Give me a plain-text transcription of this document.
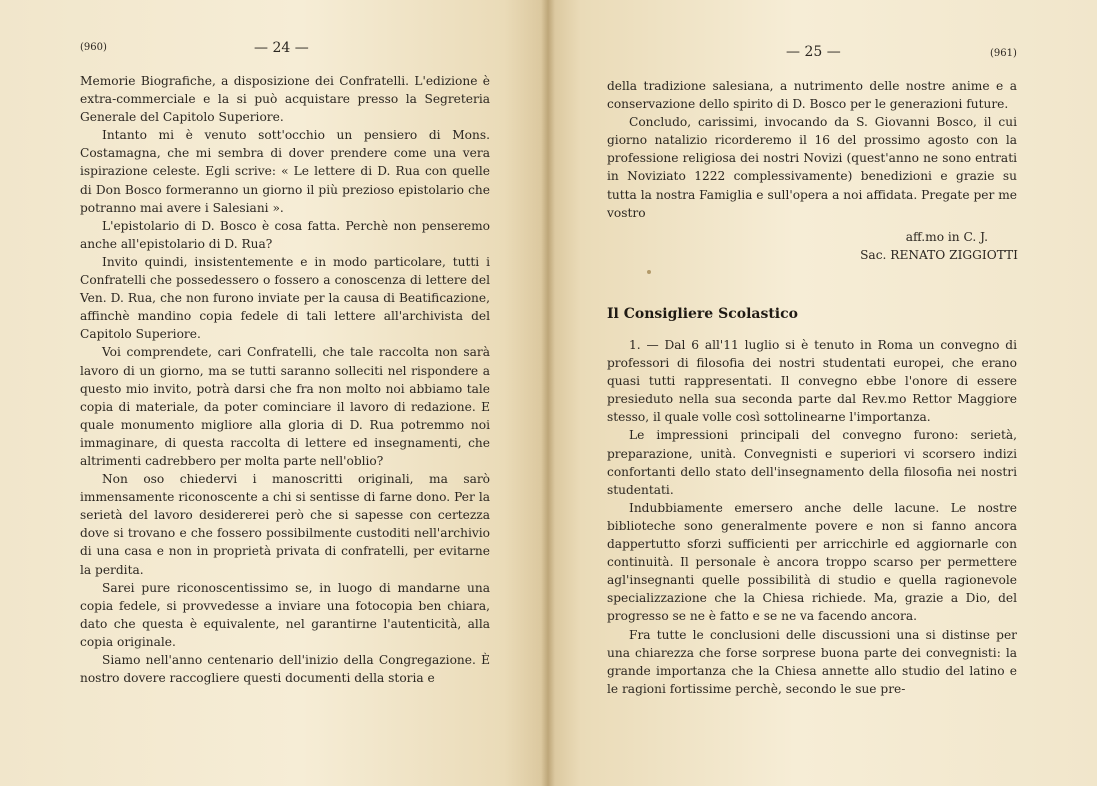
(960)	— 24 —

Memorie Biografiche, a disposizione dei Confratelli. L'edizione è extra-commerciale e la si può acquistare presso la Segreteria Generale del Capitolo Superiore.

Intanto mi è venuto sott'occhio un pensiero di Mons. Costamagna, che mi sembra di dover prendere come una vera ispirazione celeste. Egli scrive: « Le lettere di D. Rua con quelle di Don Bosco formeranno un giorno il più prezioso epistolario che potranno mai avere i Salesiani ».

L'epistolario di D. Bosco è cosa fatta. Perchè non penseremo anche all'epistolario di D. Rua?

Invito quindi, insistentemente e in modo particolare, tutti i Confratelli che possedessero o fossero a conoscenza di lettere del Ven. D. Rua, che non furono inviate per la causa di Beatificazione, affinchè mandino copia fedele di tali lettere all'archivista del Capitolo Superiore.

Voi comprendete, cari Confratelli, che tale raccolta non sarà lavoro di un giorno, ma se tutti saranno solleciti nel rispondere a questo mio invito, potrà darsi che fra non molto noi abbiamo tale copia di materiale, da poter cominciare il lavoro di redazione. E quale monumento migliore alla gloria di D. Rua potremmo noi immaginare, di questa raccolta di lettere ed insegnamenti, che altrimenti cadrebbero per molta parte nell'oblio?

Non oso chiedervi i manoscritti originali, ma sarò immensamente riconoscente a chi si sentisse di farne dono. Per la serietà del lavoro desidererei però che si sapesse con certezza dove si trovano e che fossero possibilmente custoditi nell'archivio di una casa e non in proprietà privata di confratelli, per evitarne la perdita.

Sarei pure riconoscentissimo se, in luogo di mandarne una copia fedele, si provvedesse a inviare una fotocopia ben chiara, dato che questa è equivalente, nel garantirne l'autenticità, alla copia originale.

Siamo nell'anno centenario dell'inizio della Congregazione. È nostro dovere raccogliere questi documenti della storia e

— 25 —	(961)

della tradizione salesiana, a nutrimento delle nostre anime e a conservazione dello spirito di D. Bosco per le generazioni future.

Concludo, carissimi, invocando da S. Giovanni Bosco, il cui giorno natalizio ricorderemo il 16 del prossimo agosto con la professione religiosa dei nostri Novizi (quest'anno ne sono entrati in Noviziato 1222 complessivamente) benedizioni e grazie su tutta la nostra Famiglia e sull'opera a noi affidata. Pregate per me vostro

aff.mo in C. J.
Sac. RENATO ZIGGIOTTI
Il Consigliere Scolastico

1. — Dal 6 all'11 luglio si è tenuto in Roma un convegno di professori di filosofia dei nostri studentati europei, che erano quasi tutti rappresentati. Il convegno ebbe l'onore di essere presieduto nella sua seconda parte dal Rev.mo Rettor Maggiore stesso, il quale volle così sottolinearne l'importanza.

Le impressioni principali del convegno furono: serietà, preparazione, unità. Convegnisti e superiori vi scorsero indizi confortanti dello stato dell'insegnamento della filosofia nei nostri studentati.

Indubbiamente emersero anche delle lacune. Le nostre biblioteche sono generalmente povere e non si fanno ancora dappertutto sforzi sufficienti per arricchirle ed aggiornarle con continuità. Il personale è ancora troppo scarso per permettere agl'insegnanti quelle possibilità di studio e quella ragionevole specializzazione che la Chiesa richiede. Ma, grazie a Dio, del progresso se ne è fatto e se ne va facendo ancora.

Fra tutte le conclusioni delle discussioni una si distinse per una chiarezza che forse sorprese buona parte dei convegnisti: la grande importanza che la Chiesa annette allo studio del latino e le ragioni fortissime perchè, secondo le sue pre-
